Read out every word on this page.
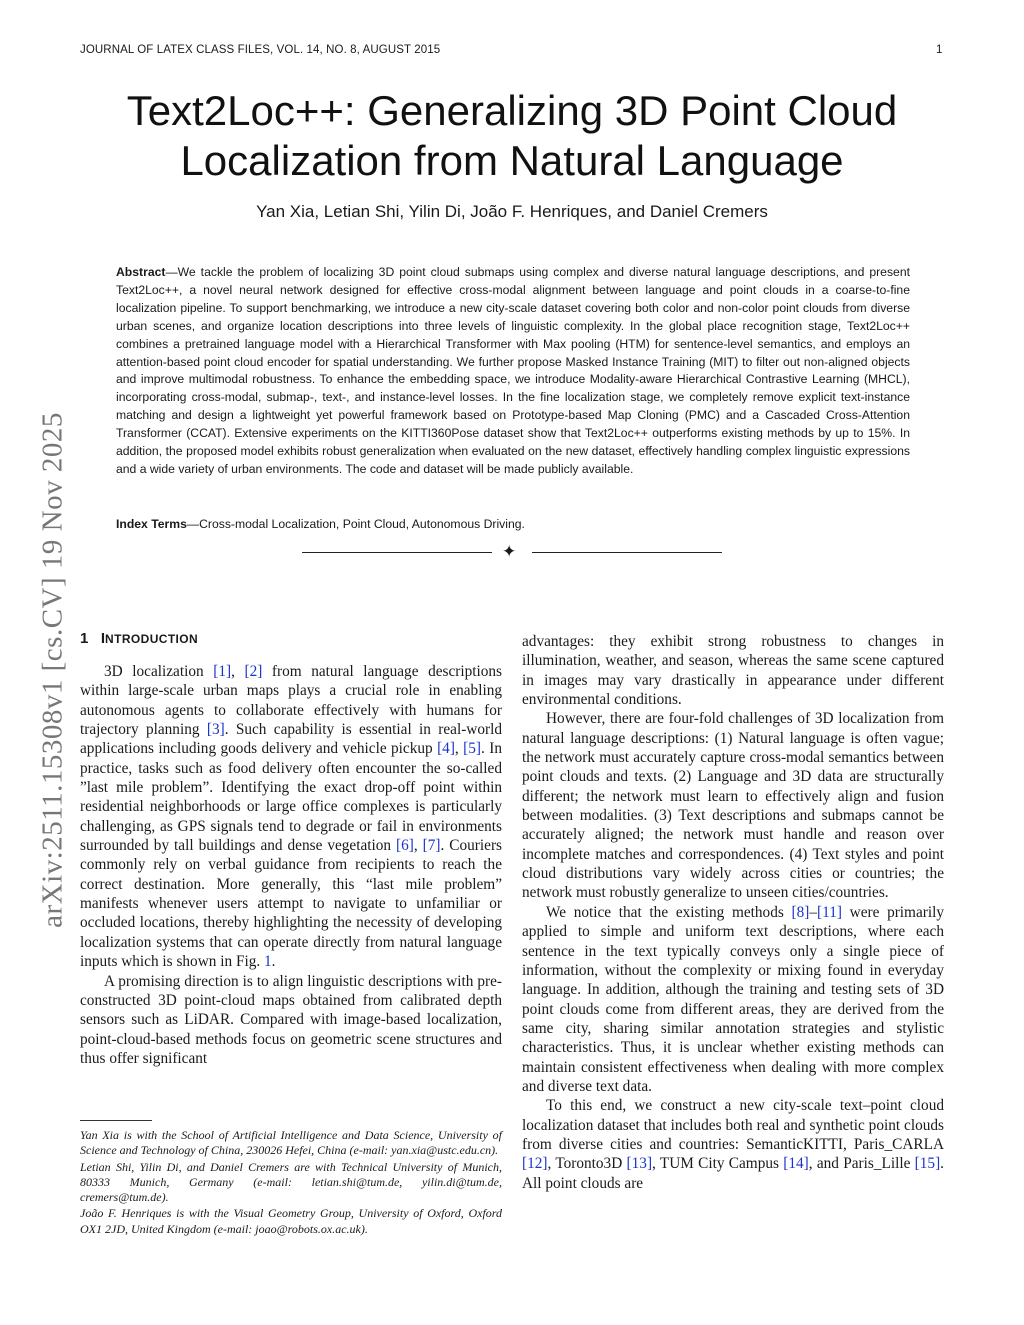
JOURNAL OF LATEX CLASS FILES, VOL. 14, NO. 8, AUGUST 2015	1
Text2Loc++: Generalizing 3D Point Cloud Localization from Natural Language
Yan Xia, Letian Shi, Yilin Di, João F. Henriques, and Daniel Cremers

Abstract—We tackle the problem of localizing 3D point cloud submaps using complex and diverse natural language descriptions, and present Text2Loc++, a novel neural network designed for effective cross-modal alignment between language and point clouds in a coarse-to-fine localization pipeline. To support benchmarking, we introduce a new city-scale dataset covering both color and non-color point clouds from diverse urban scenes, and organize location descriptions into three levels of linguistic complexity. In the global place recognition stage, Text2Loc++ combines a pretrained language model with a Hierarchical Transformer with Max pooling (HTM) for sentence-level semantics, and employs an attention-based point cloud encoder for spatial understanding. We further propose Masked Instance Training (MIT) to filter out non-aligned objects and improve multimodal robustness. To enhance the embedding space, we introduce Modality-aware Hierarchical Contrastive Learning (MHCL), incorporating cross-modal, submap-, text-, and instance-level losses. In the fine localization stage, we completely remove explicit text-instance matching and design a lightweight yet powerful framework based on Prototype-based Map Cloning (PMC) and a Cascaded Cross-Attention Transformer (CCAT). Extensive experiments on the KITTI360Pose dataset show that Text2Loc++ outperforms existing methods by up to 15%. In addition, the proposed model exhibits robust generalization when evaluated on the new dataset, effectively handling complex linguistic expressions and a wide variety of urban environments. The code and dataset will be made publicly available.

Index Terms—Cross-modal Localization, Point Cloud, Autonomous Driving.
✦
arXiv:2511.15308v1 [cs.CV] 19 Nov 2025 1 INTRODUCTION

3D localization [1], [2] from natural language descriptions within large-scale urban maps plays a crucial role in enabling autonomous agents to collaborate effectively with humans for trajectory planning [3]. Such capability is essential in real-world applications including goods delivery and vehicle pickup [4], [5]. In practice, tasks such as food delivery often encounter the so-called ”last mile problem”. Identifying the exact drop-off point within residential neighborhoods or large office complexes is particularly challenging, as GPS signals tend to degrade or fail in environments surrounded by tall buildings and dense vegetation [6], [7]. Couriers commonly rely on verbal guidance from recipients to reach the correct destination. More generally, this “last mile problem” manifests whenever users attempt to navigate to unfamiliar or occluded locations, thereby highlighting the necessity of developing localization systems that can operate directly from natural language inputs which is shown in Fig. 1.

A promising direction is to align linguistic descriptions with pre-constructed 3D point-cloud maps obtained from calibrated depth sensors such as LiDAR. Compared with image-based localization, point-cloud-based methods focus on geometric scene structures and thus offer significant

advantages: they exhibit strong robustness to changes in illumination, weather, and season, whereas the same scene captured in images may vary drastically in appearance under different environmental conditions.

However, there are four-fold challenges of 3D localization from natural language descriptions: (1) Natural language is often vague; the network must accurately capture cross-modal semantics between point clouds and texts. (2) Language and 3D data are structurally different; the network must learn to effectively align and fusion between modalities. (3) Text descriptions and submaps cannot be accurately aligned; the network must handle and reason over incomplete matches and correspondences. (4) Text styles and point cloud distributions vary widely across cities or countries; the network must robustly generalize to unseen cities/countries.

We notice that the existing methods [8]–[11] were primarily applied to simple and uniform text descriptions, where each sentence in the text typically conveys only a single piece of information, without the complexity or mixing found in everyday language. In addition, although the training and testing sets of 3D point clouds come from different areas, they are derived from the same city, sharing similar annotation strategies and stylistic characteristics. Thus, it is unclear whether existing methods can maintain consistent effectiveness when dealing with more complex and diverse text data.

To this end, we construct a new city-scale text–point cloud localization dataset that includes both real and synthetic point clouds from diverse cities and countries: SemanticKITTI, Paris_CARLA [12], Toronto3D [13], TUM City Campus [14], and Paris_Lille [15]. All point clouds are

Yan Xia is with the School of Artificial Intelligence and Data Science, University of Science and Technology of China, 230026 Hefei, China (e-mail: yan.xia@ustc.edu.cn).

Letian Shi, Yilin Di, and Daniel Cremers are with Technical University of Munich, 80333 Munich, Germany (e-mail: letian.shi@tum.de, yilin.di@tum.de, cremers@tum.de).

João F. Henriques is with the Visual Geometry Group, University of Oxford, Oxford OX1 2JD, United Kingdom (e-mail: joao@robots.ox.ac.uk).
